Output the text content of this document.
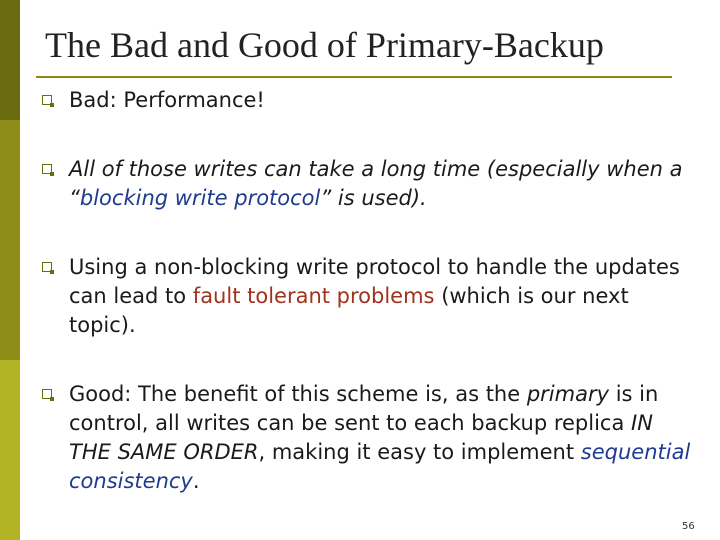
The Bad and Good of Primary-Backup
Bad: Performance!
All of those writes can take a long time (especially when a “blocking write protocol” is used).
Using a non-blocking write protocol to handle the updates can lead to fault tolerant problems (which is our next topic).
Good: The benefit of this scheme is, as the primary is in control, all writes can be sent to each backup replica IN THE SAME ORDER, making it easy to implement sequential consistency.
56
